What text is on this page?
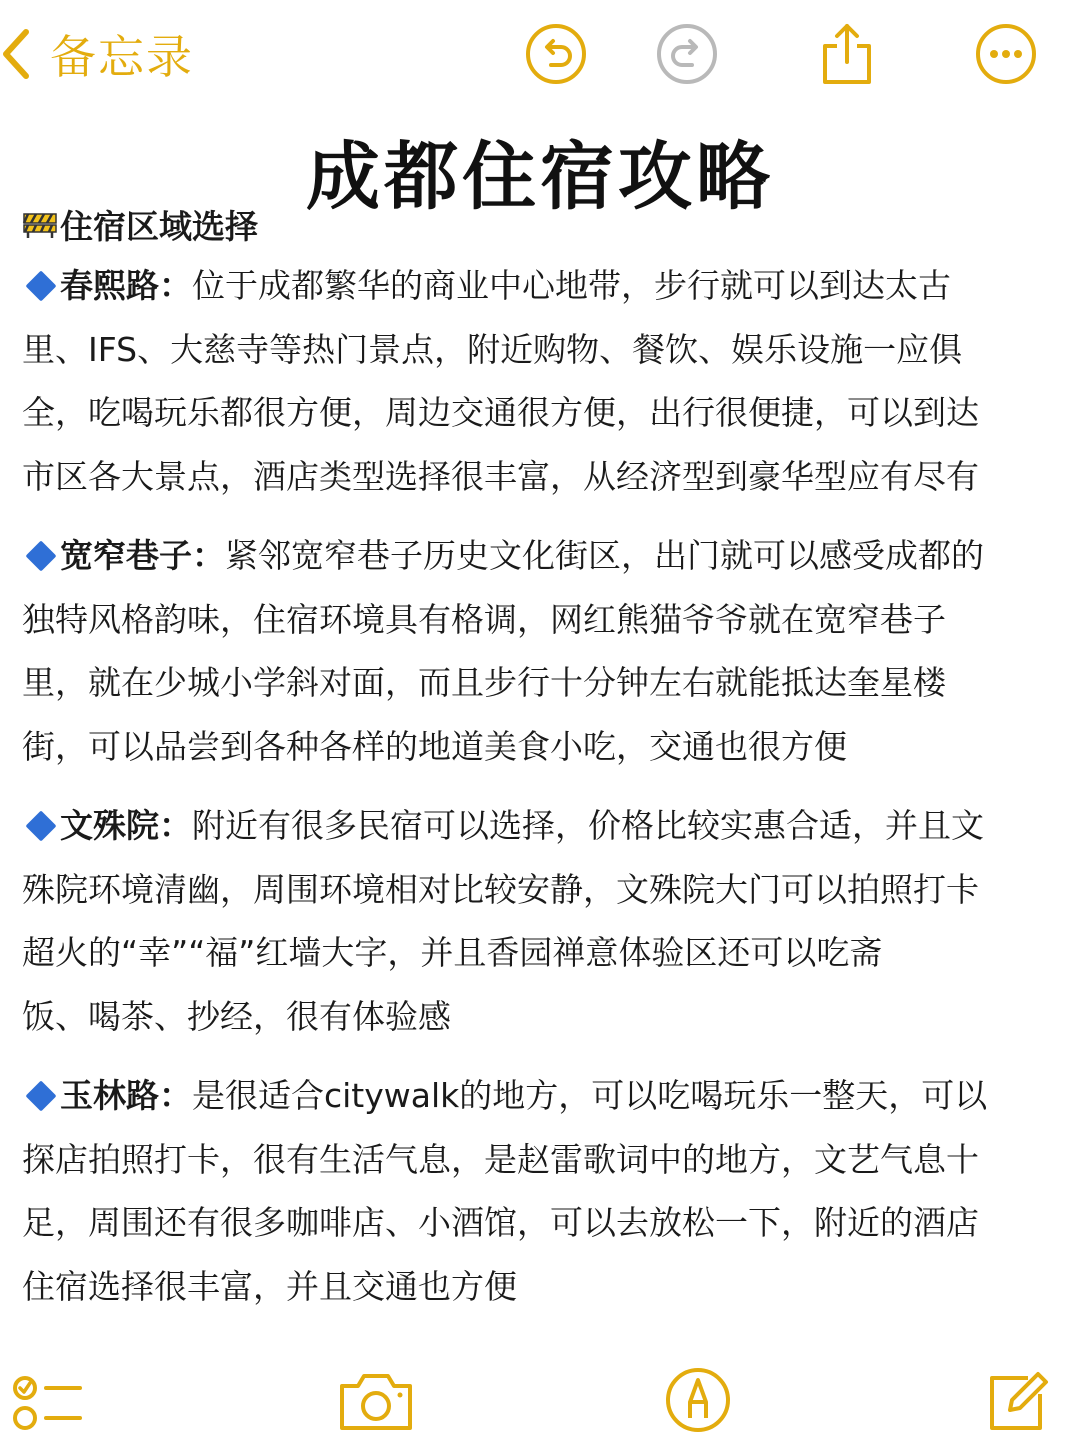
备忘录
成都住宿攻略
住宿区域选择
春熙路：位于成都繁华的商业中心地带，步行就可以到达太古
里、IFS、大慈寺等热门景点，附近购物、餐饮、娱乐设施一应俱
全，吃喝玩乐都很方便，周边交通很方便，出行很便捷，可以到达
市区各大景点，酒店类型选择很丰富，从经济型到豪华型应有尽有
宽窄巷子：紧邻宽窄巷子历史文化街区，出门就可以感受成都的
独特风格韵味，住宿环境具有格调，网红熊猫爷爷就在宽窄巷子
里，就在少城小学斜对面，而且步行十分钟左右就能抵达奎星楼
街，可以品尝到各种各样的地道美食小吃，交通也很方便
文殊院：附近有很多民宿可以选择，价格比较实惠合适，并且文
殊院环境清幽，周围环境相对比较安静，文殊院大门可以拍照打卡
超火的“幸”“福”红墙大字，并且香园禅意体验区还可以吃斋
饭、喝茶、抄经，很有体验感
玉林路：是很适合citywalk的地方，可以吃喝玩乐一整天，可以
探店拍照打卡，很有生活气息，是赵雷歌词中的地方，文艺气息十
足，周围还有很多咖啡店、小酒馆，可以去放松一下，附近的酒店
住宿选择很丰富，并且交通也方便
